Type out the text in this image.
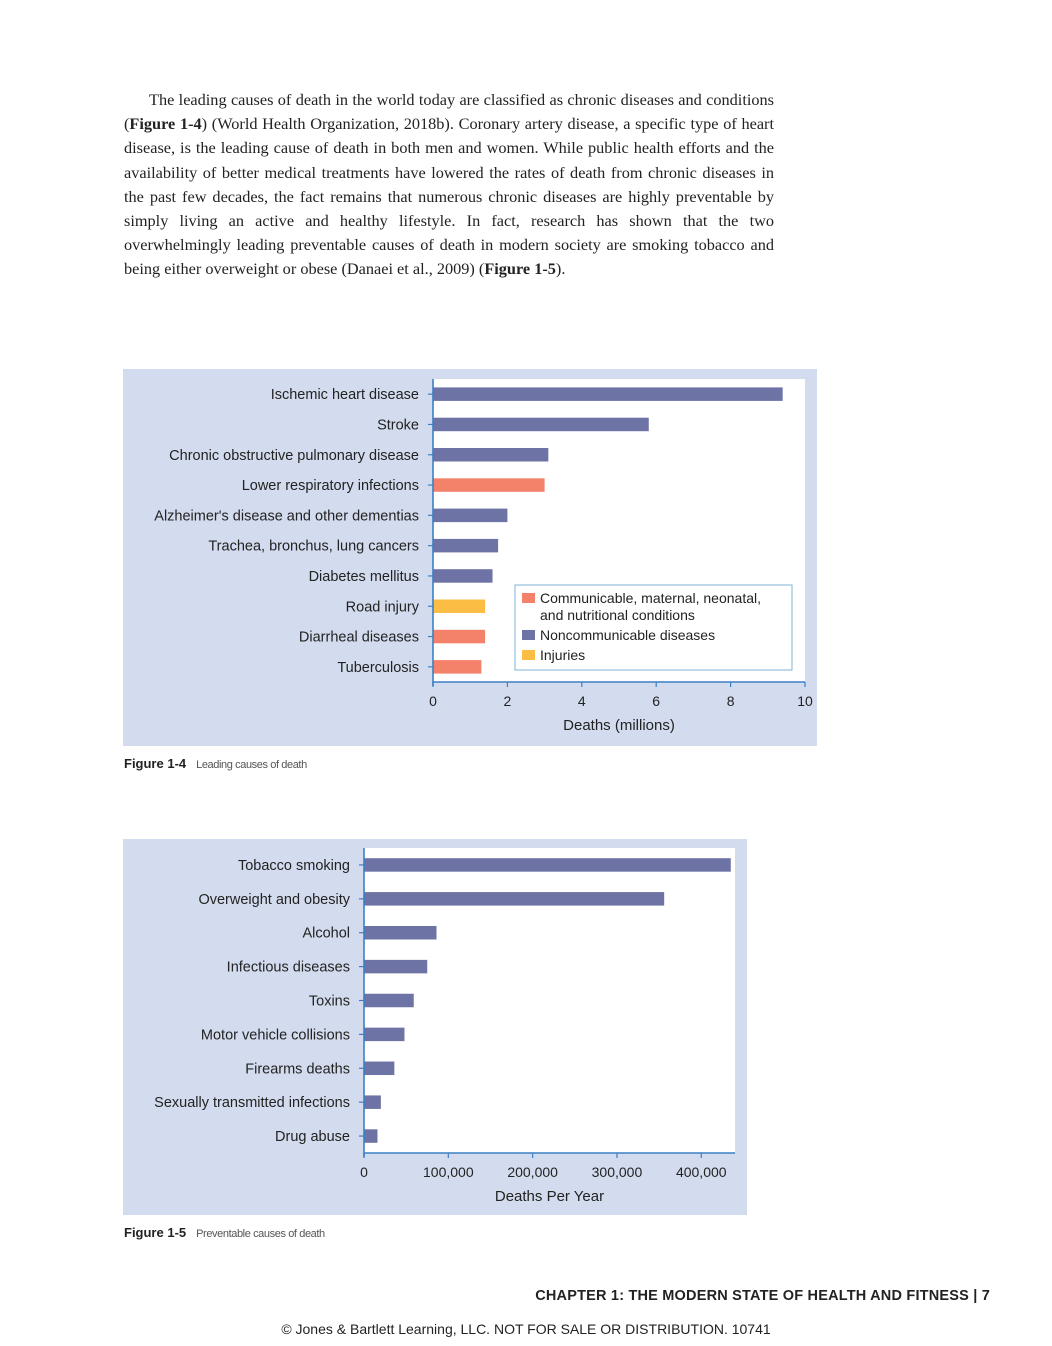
The leading causes of death in the world today are classified as chronic diseases and conditions (Figure 1-4) (World Health Organization, 2018b). Coronary artery disease, a specific type of heart disease, is the leading cause of death in both men and women. While public health efforts and the availability of better medical treatments have lowered the rates of death from chronic diseases in the past few decades, the fact remains that numerous chronic diseases are highly preventable by simply living an active and healthy lifestyle. In fact, research has shown that the two overwhelmingly leading preventable causes of death in modern society are smoking tobacco and being either overweight or obese (Danaei et al., 2009) (Figure 1-5).

Ischemic heart disease
Stroke
Chronic obstructive pulmonary disease
Lower respiratory infections
Alzheimer's disease and other dementias
Trachea, bronchus, lung cancers
Diabetes mellitus
Road injury
Diarrheal diseases
Tuberculosis
0	2	4	6	8	10
Deaths (millions)
Communicable, maternal, neonatal,
and nutritional conditions
Noncommunicable diseases
Injuries
Figure 1-4 Leading causes of death
Tobacco smoking
Overweight and obesity
Alcohol
Infectious diseases
Toxins
Motor vehicle collisions
Firearms deaths
Sexually transmitted infections
Drug abuse
0	100,000 200,000 300,000 400,000
Deaths Per Year
Figure 1-5 Preventable causes of death
CHAPTER 1: THE MODERN STATE OF HEALTH AND FITNESS | 7
© Jones & Bartlett Learning, LLC. NOT FOR SALE OR DISTRIBUTION. 10741
